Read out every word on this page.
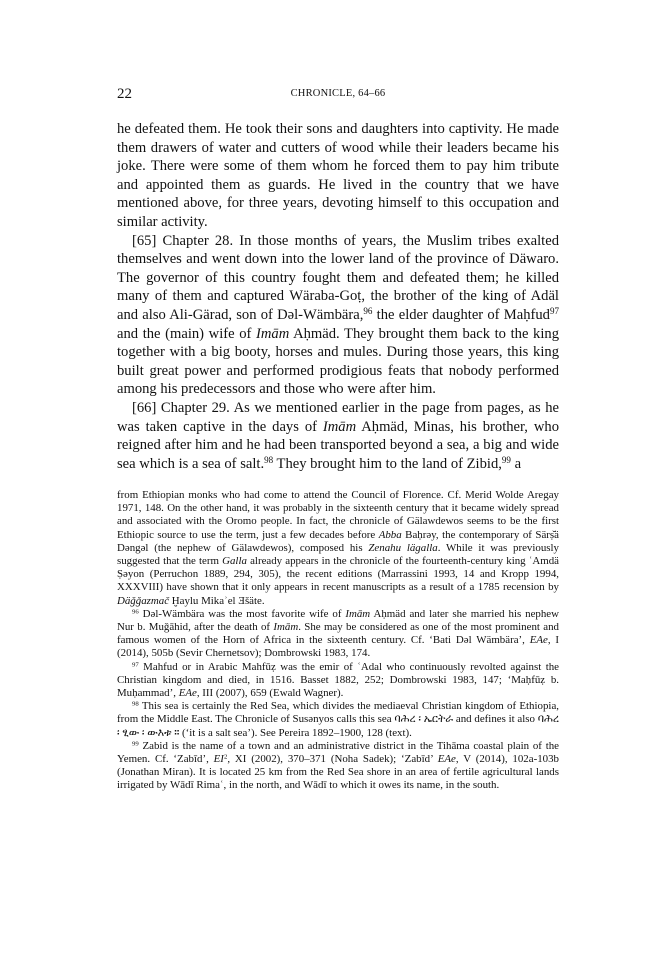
22	CHRONICLE, 64–66

he defeated them. He took their sons and daughters into captivity. He made them drawers of water and cutters of wood while their leaders became his joke. There were some of them whom he forced them to pay him tribute and appointed them as guards. He lived in the country that we have mentioned above, for three years, devoting himself to this occupation and similar activity.

[65] Chapter 28. In those months of years, the Muslim tribes exalted themselves and went down into the lower land of the province of Däwaro. The governor of this country fought them and defeated them; he killed many of them and captured Wäraba-Goṭ, the brother of the king of Adäl and also Ali-Gärad, son of Dəl-Wämbära,$^{96}$ the elder daughter of Maḥfud$^{97}$ and the (main) wife of Imām Aḥmäd. They brought them back to the king together with a big booty, horses and mules. During those years, this king built great power and performed prodigious feats that nobody performed among his predecessors and those who were after him.

[66] Chapter 29. As we mentioned earlier in the page from pages, as he was taken captive in the days of Imām Aḥmäd, Minas, his brother, who reigned after him and he had been transported beyond a sea, a big and wide sea which is a sea of salt.$^{98}$ They brought him to the land of Zibid,$^{99}$ a

from Ethiopian monks who had come to attend the Council of Florence. Cf. Merid Wolde Aregay 1971, 148. On the other hand, it was probably in the sixteenth century that it became widely spread and associated with the Oromo people. In fact, the chronicle of Gälawdewos seems to be the first Ethiopic source to use the term, just a few decades before Abba Baḥrəy, the contemporary of Särṣ̌ä Dəngəl (the nephew of Gälawdewos), composed his Zenahu lägalla. While it was previously suggested that the term Galla already appears in the chronicle of the fourteenth-century king ʿAmdä Ṣəyon (Perruchon 1889, 294, 305), the recent editions (Marrassini 1993, 14 and Kropp 1994, XXXVIII) have shown that it only appears in recent manuscripts as a result of a 1785 recension by Däǧǧazmač Ḫaylu Mikaʾel Ǝšäte.

$^{96}$ Dəl-Wämbära was the most favorite wife of Imām Aḥmäd and later she married his nephew Nur b. Muǧāhid, after the death of Imām. She may be considered as one of the most prominent and famous women of the Horn of Africa in the sixteenth century. Cf. ‘Bati Dəl Wämbära’, EAe, I (2014), 505b (Sevir Chernetsov); Dombrowski 1983, 174.

$^{97}$ Mahfud or in Arabic Mahfūẓ was the emir of ʿAdal who continuously revolted against the Christian kingdom and died, in 1516. Basset 1882, 252; Dombrowski 1983, 147; ‘Maḥfūẓ b. Muḥammad’, EAe, III (2007), 659 (Ewald Wagner).

$^{98}$ This sea is certainly the Red Sea, which divides the mediaeval Christian kingdom of Ethiopia, from the Middle East. The Chronicle of Susənyos calls this sea ባሕረ ፡ ኤርትራ and defines it also ባሕረ ፡ ፂው ፡ ውእቱ ። (‘it is a salt sea’). See Pereira 1892–1900, 128 (text).

$^{99}$ Zabid is the name of a town and an administrative district in the Tihāma coastal plain of the Yemen. Cf. ‘Zabīd’, $EI^2$, XI (2002), 370–371 (Noha Sadek); ‘Zabīd’ EAe, V (2014), 102a-103b (Jonathan Miran). It is located 25 km from the Red Sea shore in an area of fertile agricultural lands irrigated by Wādī Rimaʿ, in the north, and Wādī to which it owes its name, in the south.
